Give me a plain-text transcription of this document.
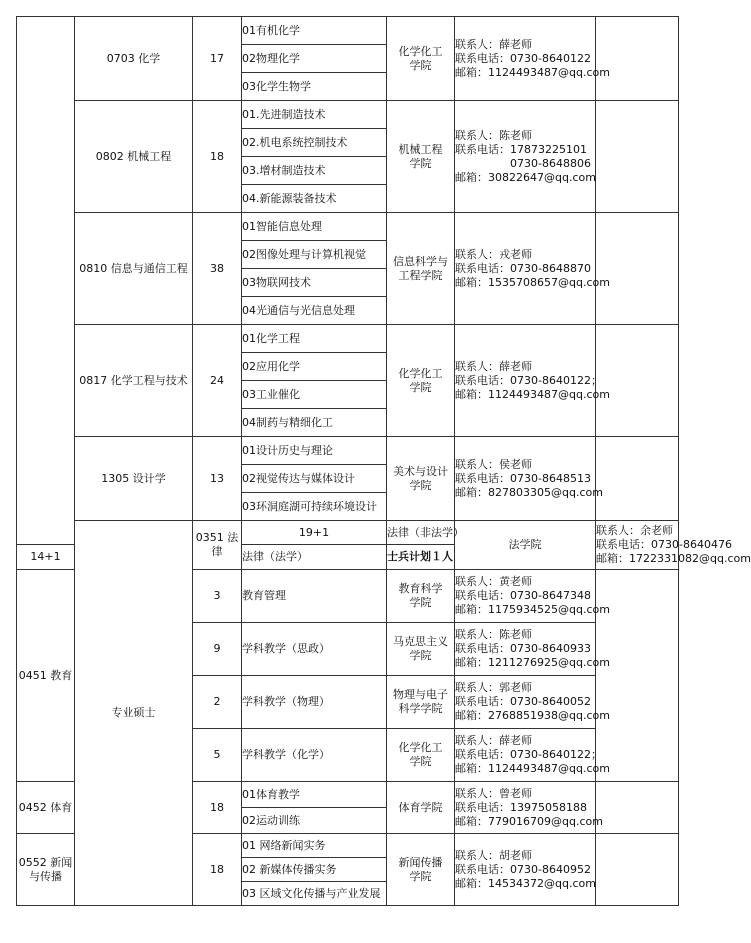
	0703 化学	17	01有机化学	化学化工
学院	联系人：薛老师
联系电话：0730-8640122
邮箱：1124493487@qq.com		

			02物理化学				
			03化学生物学				
	0802 机械工程	18	01.先进制造技术	机械工程
学院	联系人：陈老师
联系电话：17873225101
　　　　　0730-8648806
邮箱：30822647@qq.com		

			02.机电系统控制技术				
			03.增材制造技术				
			04.新能源装备技术				
	0810 信息与通信工程	38	01智能信息处理	信息科学与
工程学院	联系人：戎老师
联系电话：0730-8648870
邮箱：1535708657@qq.com		

			02图像处理与计算机视觉				
			03物联网技术				
			04光通信与光信息处理				
	0817 化学工程与技术	24	01化学工程	化学化工
学院	联系人：薛老师
联系电话：0730-8640122；
邮箱：1124493487@qq.com		

			02应用化学				
			03工业催化				
			04制药与精细化工				
	1305 设计学	13	01设计历史与理论	美术与设计
学院	联系人：侯老师
联系电话：0730-8648513
邮箱：827803305@qq.com		

			02视觉传达与媒体设计				
			03环洞庭湖可持续环境设计				
	专业硕士	0351 法律	19+1	法律（非法学）	法学院	联系人：余老师
联系电话：0730-8640476
邮箱：1722331082@qq.com

14+1			法律（法学）	士兵计划１人			
0451 教育		3	教育管理	教育科学
学院	联系人：黄老师
联系电话：0730-8647348
邮箱：1175934525@qq.com		

		9	学科教学（思政）	马克思主义
学院	联系人：陈老师
联系电话：0730-8640933
邮箱：1211276925@qq.com		

		2	学科教学（物理）	物理与电子
科学学院	联系人：郭老师
联系电话：0730-8640052
邮箱：2768851938@qq.com		

		5	学科教学（化学）	化学化工
学院	联系人：薛老师
联系电话：0730-8640122；
邮箱：1124493487@qq.com		

0452 体育		18	01体育教学	体育学院	联系人：曾老师
联系电话：13975058188
邮箱：779016709@qq.com		

			02运动训练				
0552 新闻与传播		18	01 网络新闻实务	新闻传播
学院	联系人：胡老师
联系电话：0730-8640952
邮箱：14534372@qq.com		

			02 新媒体传播实务				
			03 区域文化传播与产业发展				
